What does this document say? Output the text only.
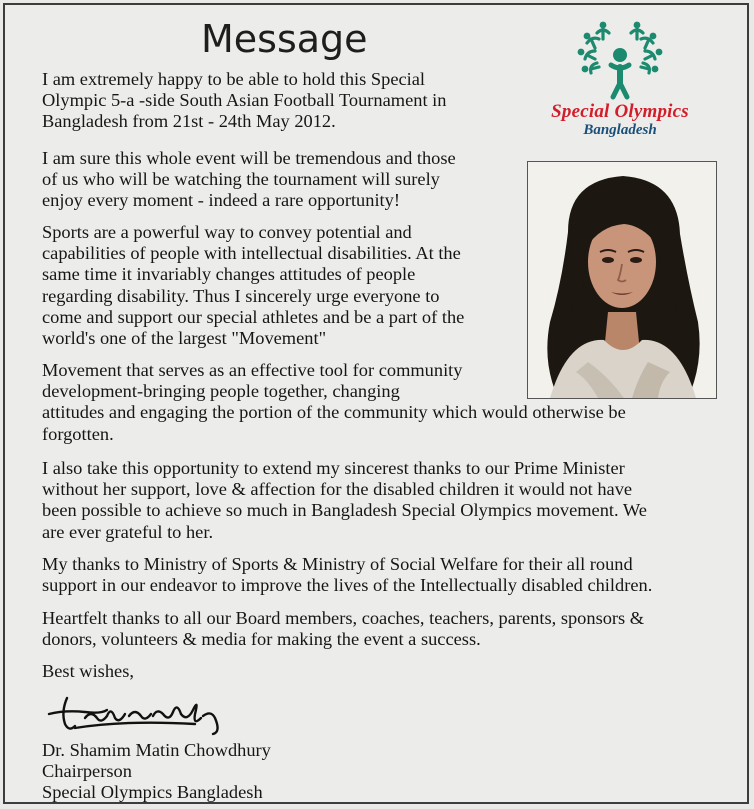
Message
Special Olympics
Bangladesh

I am extremely happy to be able to hold this Special
Olympic 5-a -side South Asian Football Tournament in
Bangladesh from 21st - 24th May 2012.

I am sure this whole event will be tremendous and those
of us who will be watching the tournament will surely
enjoy every moment - indeed a rare opportunity!

Sports are a powerful way to convey potential and
capabilities of people with intellectual disabilities. At the
same time it invariably changes attitudes of people
regarding disability. Thus I sincerely urge everyone to
come and support our special athletes and be a part of the
world's one of the largest "Movement"

Movement that serves as an effective tool for community
development-bringing people together, changing
attitudes and engaging the portion of the community which would otherwise be
forgotten.

I also take this opportunity to extend my sincerest thanks to our Prime Minister
without her support, love & affection for the disabled children it would not have
been possible to achieve so much in Bangladesh Special Olympics movement. We
are ever grateful to her.

My thanks to Ministry of Sports & Ministry of Social Welfare for their all round
support in our endeavor to improve the lives of the Intellectually disabled children.

Heartfelt thanks to all our Board members, coaches, teachers, parents, sponsors &
donors, volunteers & media for making the event a success.

Best wishes,

Dr. Shamim Matin Chowdhury
Chairperson
Special Olympics Bangladesh
